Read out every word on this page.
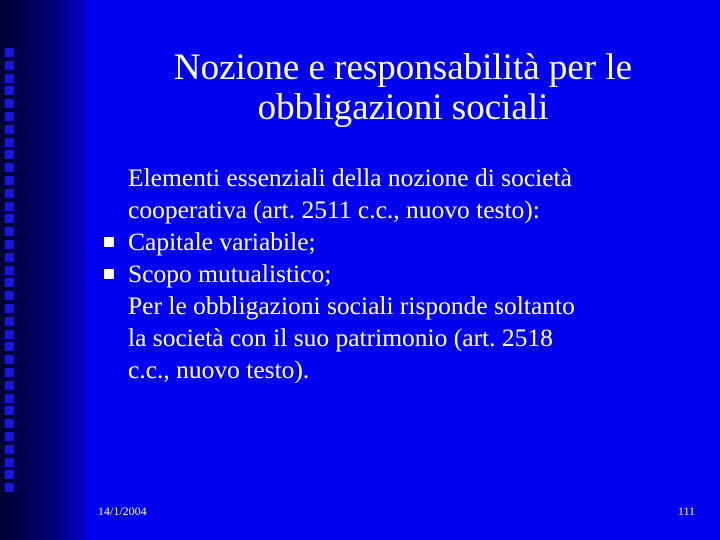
Nozione e responsabilità per le
obbligazioni sociali
Elementi essenziali della nozione di società
cooperativa (art. 2511 c.c., nuovo testo):
Capitale variabile;
Scopo mutualistico;
Per le obbligazioni sociali risponde soltanto
la società con il suo patrimonio (art. 2518
c.c., nuovo testo).
14/1/2004	111
